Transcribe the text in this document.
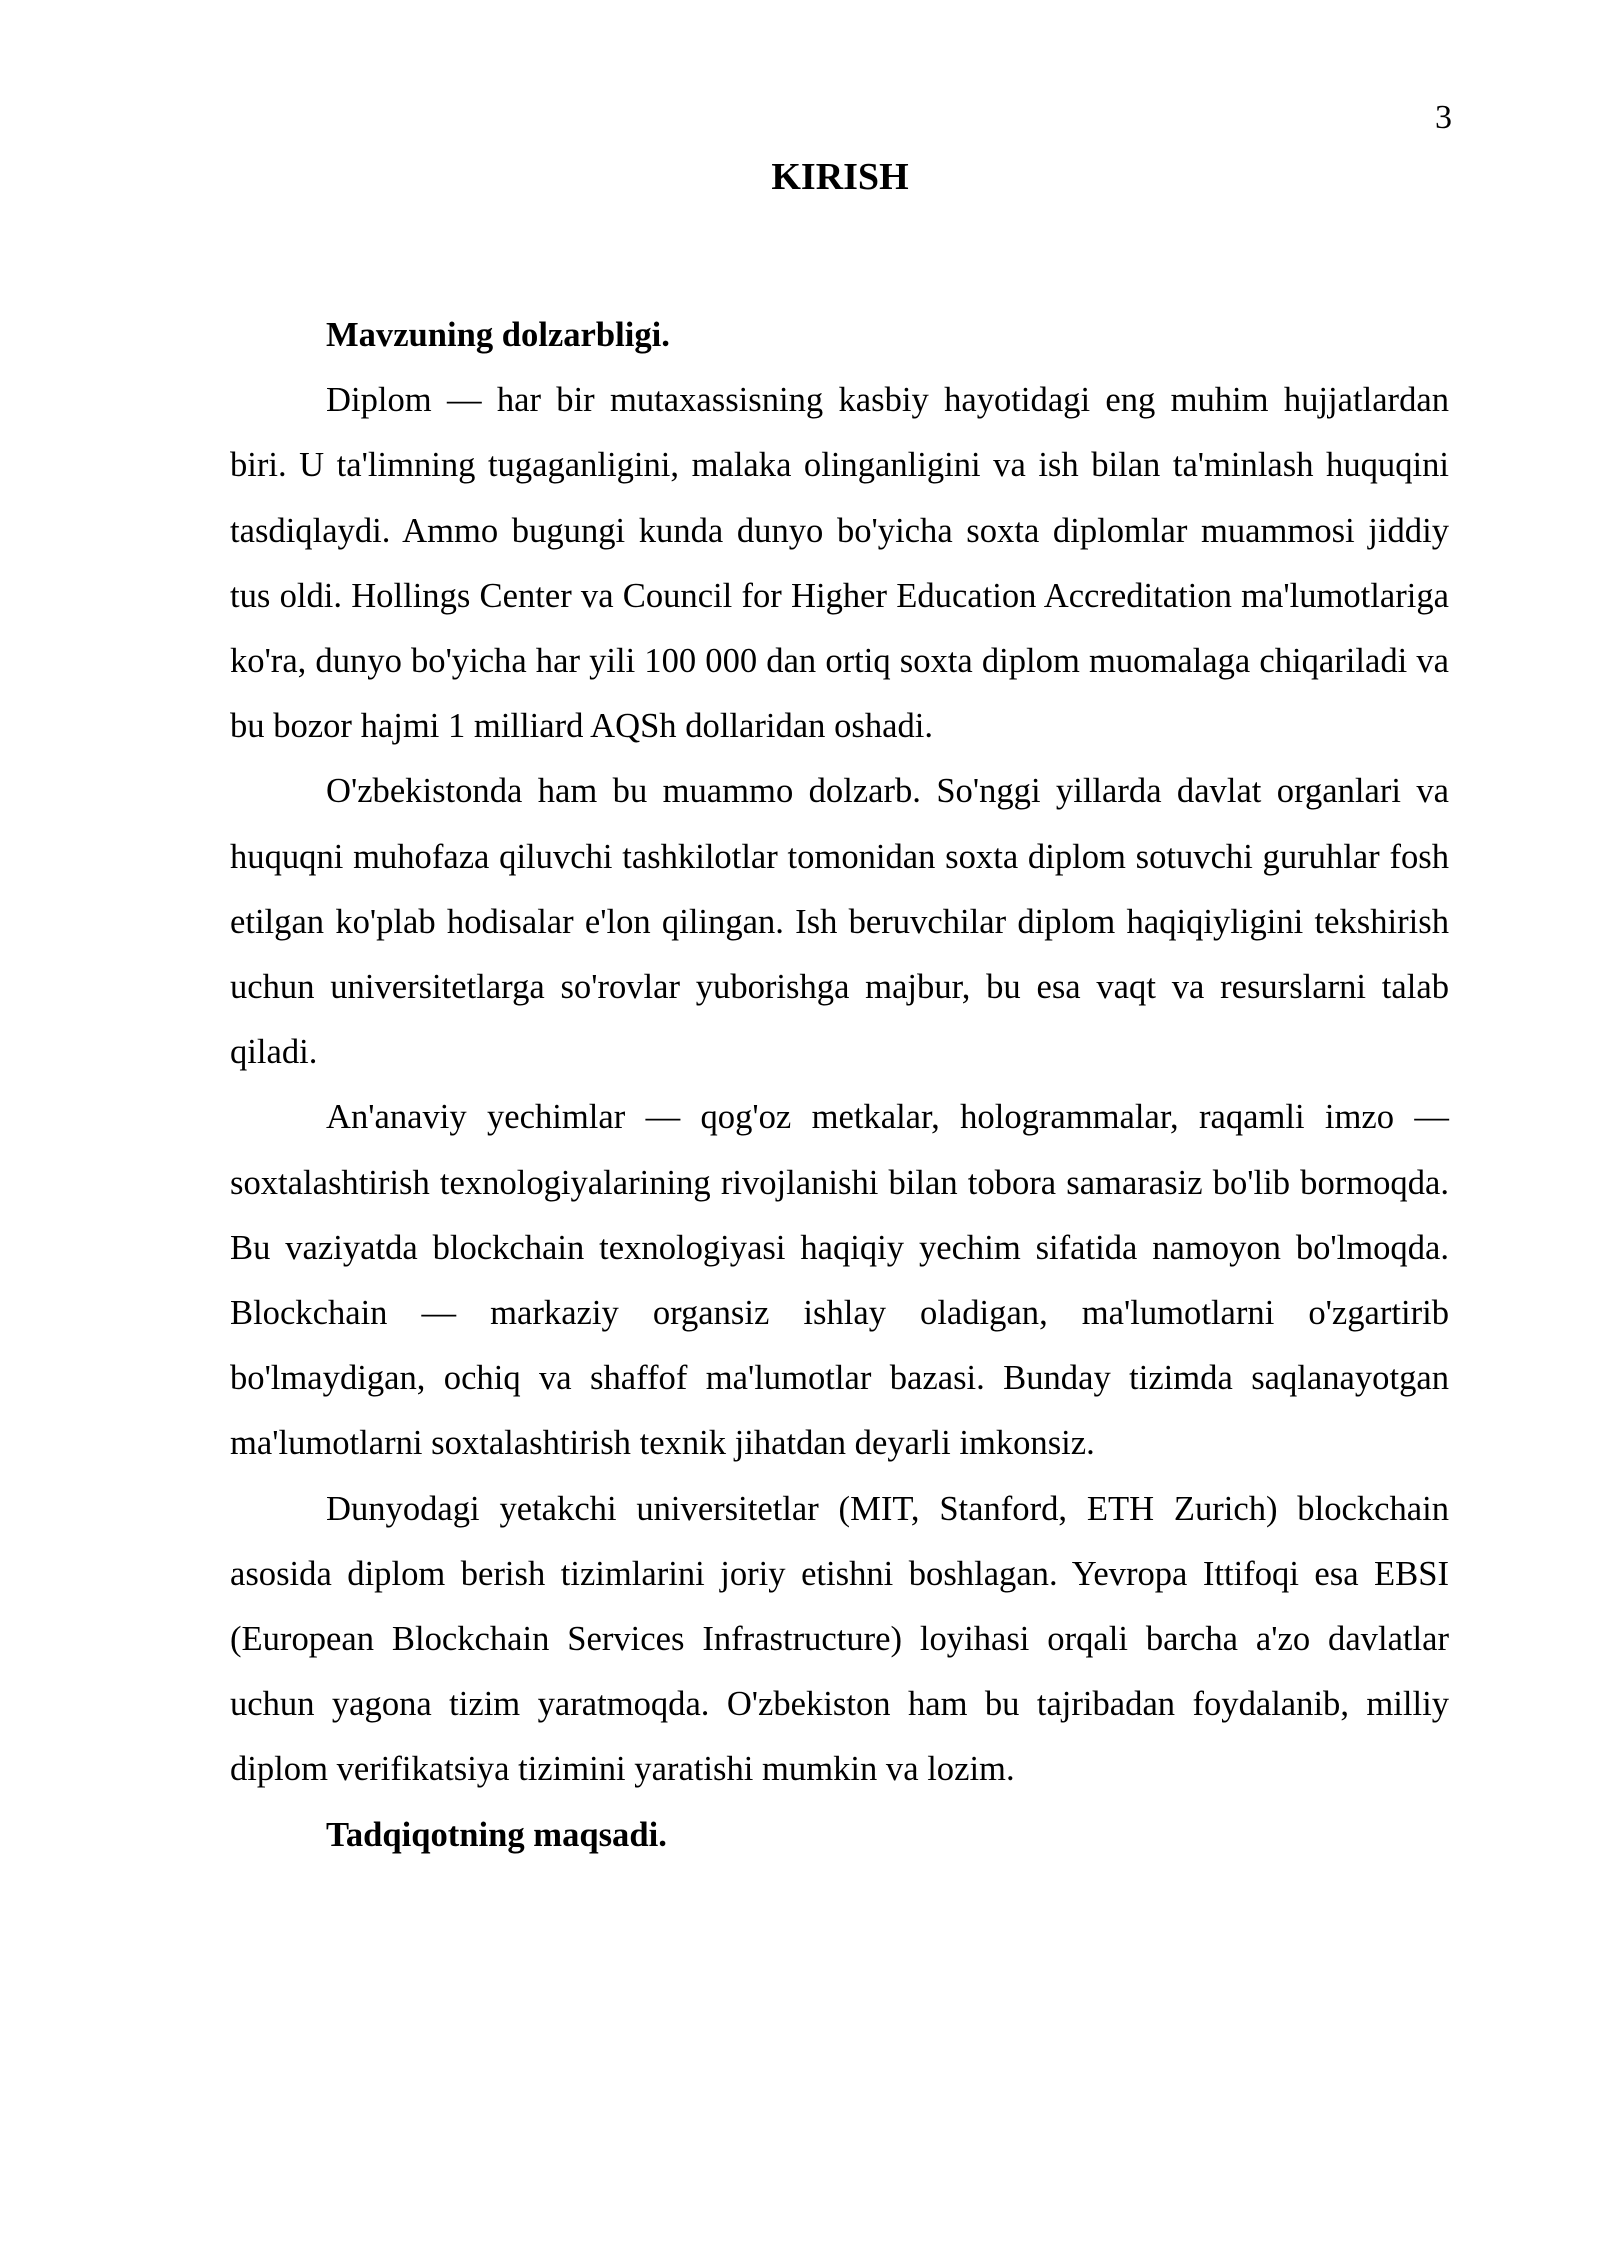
3
KIRISH

Mavzuning dolzarbligi.

Diplom — har bir mutaxassisning kasbiy hayotidagi eng muhim hujjatlardan biri. U ta'limning tugaganligini, malaka olinganligini va ish bilan ta'minlash huquqini tasdiqlaydi. Ammo bugungi kunda dunyo bo'yicha soxta diplomlar muammosi jiddiy tus oldi. Hollings Center va Council for Higher Education Accreditation ma'lumotlariga ko'ra, dunyo bo'yicha har yili 100 000 dan ortiq soxta diplom muomalaga chiqariladi va bu bozor hajmi 1 milliard AQSh dollaridan oshadi.

O'zbekistonda ham bu muammo dolzarb. So'nggi yillarda davlat organlari va huquqni muhofaza qiluvchi tashkilotlar tomonidan soxta diplom sotuvchi guruhlar fosh etilgan ko'plab hodisalar e'lon qilingan. Ish beruvchilar diplom haqiqiyligini tekshirish uchun universitetlarga so'rovlar yuborishga majbur, bu esa vaqt va resurslarni talab qiladi.

An'anaviy yechimlar — qog'oz metkalar, hologrammalar, raqamli imzo — soxtalashtirish texnologiyalarining rivojlanishi bilan tobora samarasiz bo'lib bormoqda. Bu vaziyatda blockchain texnologiyasi haqiqiy yechim sifatida namoyon bo'lmoqda. Blockchain — markaziy organsiz ishlay oladigan, ma'lumotlarni o'zgartirib bo'lmaydigan, ochiq va shaffof ma'lumotlar bazasi. Bunday tizimda saqlanayotgan ma'lumotlarni soxtalashtirish texnik jihatdan deyarli imkonsiz.

Dunyodagi yetakchi universitetlar (MIT, Stanford, ETH Zurich) blockchain asosida diplom berish tizimlarini joriy etishni boshlagan. Yevropa Ittifoqi esa EBSI (European Blockchain Services Infrastructure) loyihasi orqali barcha a'zo davlatlar uchun yagona tizim yaratmoqda. O'zbekiston ham bu tajribadan foydalanib, milliy diplom verifikatsiya tizimini yaratishi mumkin va lozim.

Tadqiqotning maqsadi.
